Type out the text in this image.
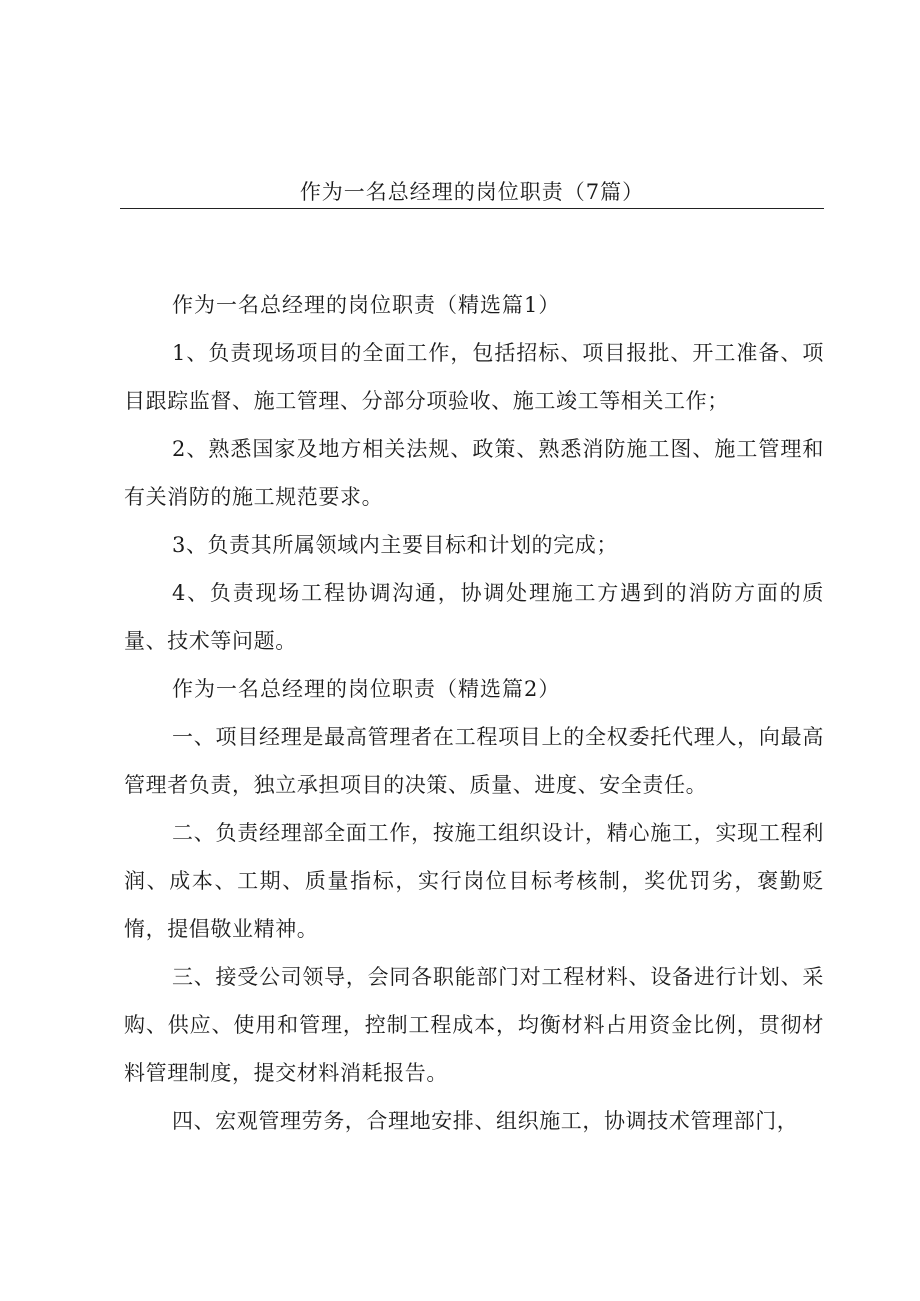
作为一名总经理的岗位职责（7篇）

作为一名总经理的岗位职责（精选篇1）

1、负责现场项目的全面工作，包括招标、项目报批、开工准备、项目跟踪监督、施工管理、分部分项验收、施工竣工等相关工作；

2、熟悉国家及地方相关法规、政策、熟悉消防施工图、施工管理和有关消防的施工规范要求。

3、负责其所属领域内主要目标和计划的完成；

4、负责现场工程协调沟通，协调处理施工方遇到的消防方面的质量、技术等问题。

作为一名总经理的岗位职责（精选篇2）

一、项目经理是最高管理者在工程项目上的全权委托代理人，向最高管理者负责，独立承担项目的决策、质量、进度、安全责任。

二、负责经理部全面工作，按施工组织设计，精心施工，实现工程利润、成本、工期、质量指标，实行岗位目标考核制，奖优罚劣，褒勤贬惰，提倡敬业精神。

三、接受公司领导，会同各职能部门对工程材料、设备进行计划、采购、供应、使用和管理，控制工程成本，均衡材料占用资金比例，贯彻材料管理制度，提交材料消耗报告。

四、宏观管理劳务，合理地安排、组织施工，协调技术管理部门，
